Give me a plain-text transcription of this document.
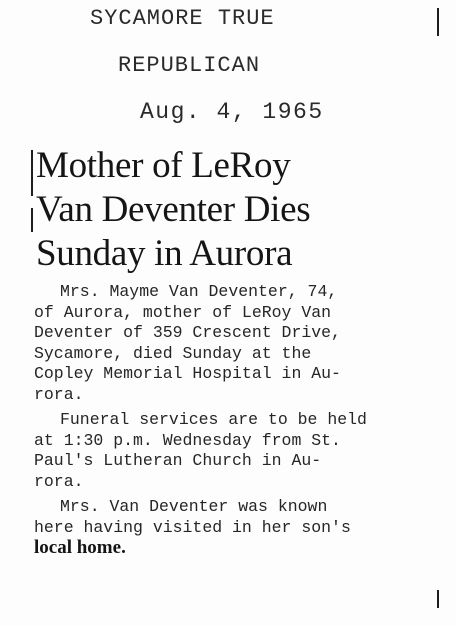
SYCAMORE TRUE
REPUBLICAN
Aug. 4, 1965
Mother of LeRoy
Van Deventer Dies
Sunday in Aurora
Mrs. Mayme Van Deventer, 74,
of Aurora, mother of LeRoy Van
Deventer of 359 Crescent Drive,
Sycamore, died Sunday at the
Copley Memorial Hospital in Au-
rora.
Funeral services are to be held
at 1:30 p.m. Wednesday from St.
Paul's Lutheran Church in Au-
rora.
Mrs. Van Deventer was known
here having visited in her son's
local home.
